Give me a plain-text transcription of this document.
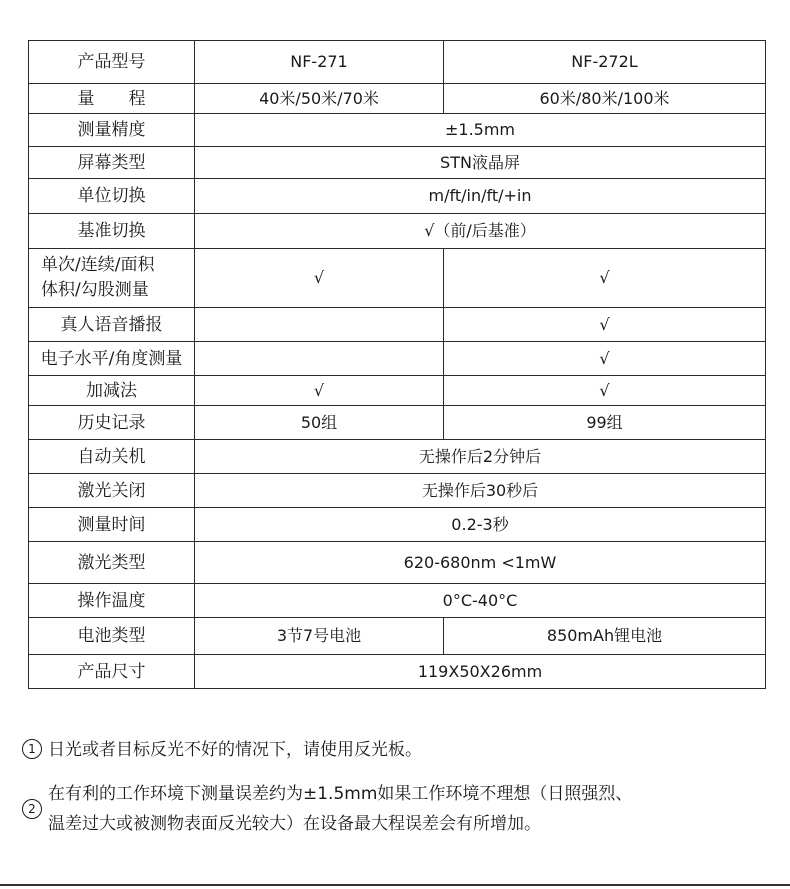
产品型号	NF-271	NF-272L
量　　程	40米/50米/70米	60米/80米/100米
测量精度	±1.5mm	
屏幕类型	STN液晶屏	
单位切换	m/ft/in/ft/+in	
基准切换	√（前/后基准）	

单次/连续/面积
体积/勾股测量	√	√
真人语音播报		√
电子水平/角度测量		√
加减法	√	√
历史记录	50组	99组
自动关机	无操作后2分钟后	
激光关闭	无操作后30秒后	
测量时间	0.2-3秒	
激光类型	620-680nm <1mW	
操作温度	0°C-40°C	
电池类型	3节7号电池	850mAh锂电池
产品尺寸	119X50X26mm	
1 日光或者目标反光不好的情况下，请使用反光板。
2
在有利的工作环境下测量误差约为±1.5mm如果工作环境不理想（日照强烈、
温差过大或被测物表面反光较大）在设备最大程误差会有所增加。
